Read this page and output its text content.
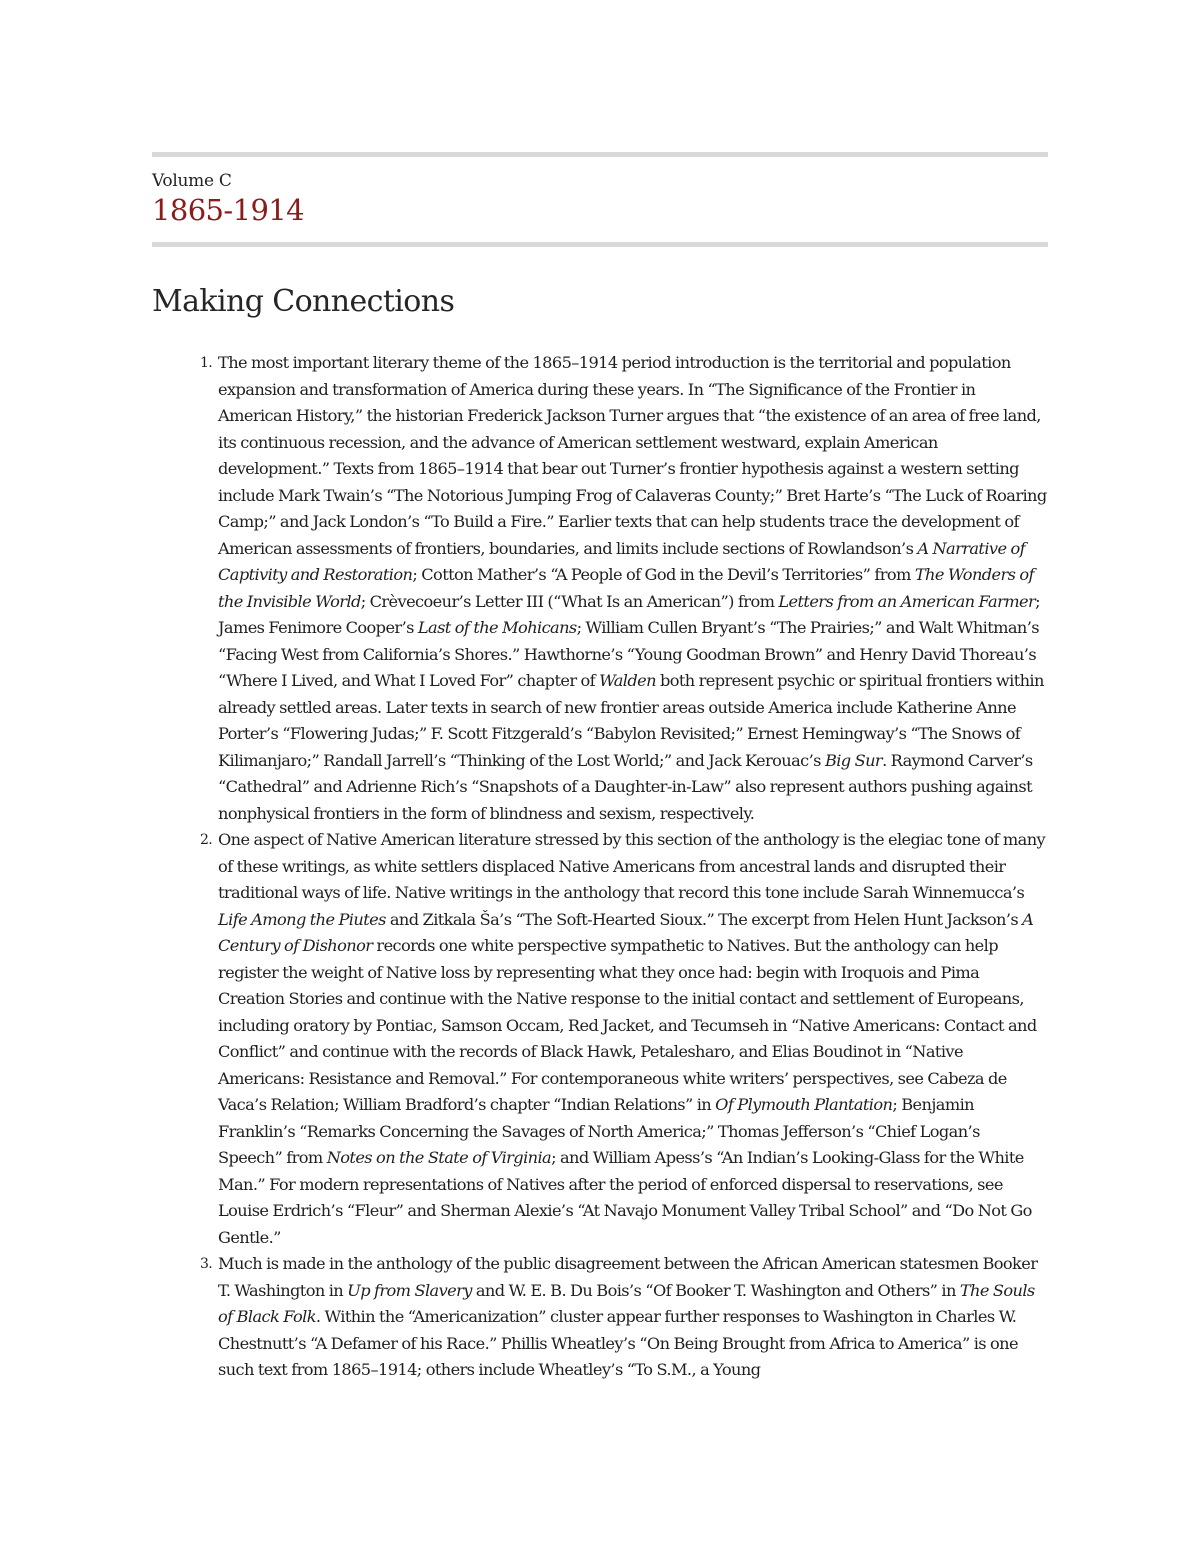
Volume C
1865-1914
Making Connections
1. The most important literary theme of the 1865–1914 period introduction is the territorial and population expansion and transformation of America during these years. In “The Significance of the Frontier in American History,” the historian Frederick Jackson Turner argues that “the existence of an area of free land, its continuous recession, and the advance of American settlement westward, explain American development.” Texts from 1865–1914 that bear out Turner’s frontier hypothesis against a western setting include Mark Twain’s “The Notorious Jumping Frog of Calaveras County;” Bret Harte’s “The Luck of Roaring Camp;” and Jack London’s “To Build a Fire.” Earlier texts that can help students trace the development of American assessments of frontiers, boundaries, and limits include sections of Rowlandson’s A Narrative of Captivity and Restoration; Cotton Mather’s “A People of God in the Devil’s Territories” from The Wonders of the Invisible World; Crèvecoeur’s Letter III (“What Is an American”) from Letters from an American Farmer; James Fenimore Cooper’s Last of the Mohicans; William Cullen Bryant’s “The Prairies;” and Walt Whitman’s “Facing West from California’s Shores.” Hawthorne’s “Young Goodman Brown” and Henry David Thoreau’s “Where I Lived, and What I Loved For” chapter of Walden both represent psychic or spiritual frontiers within already settled areas. Later texts in search of new frontier areas outside America include Katherine Anne Porter’s “Flowering Judas;” F. Scott Fitzgerald’s “Babylon Revisited;” Ernest Hemingway’s “The Snows of Kilimanjaro;” Randall Jarrell’s “Thinking of the Lost World;” and Jack Kerouac’s Big Sur. Raymond Carver’s “Cathedral” and Adrienne Rich’s “Snapshots of a Daughter-in-Law” also represent authors pushing against nonphysical frontiers in the form of blindness and sexism, respectively.
2. One aspect of Native American literature stressed by this section of the anthology is the elegiac tone of many of these writings, as white settlers displaced Native Americans from ancestral lands and disrupted their traditional ways of life. Native writings in the anthology that record this tone include Sarah Winnemucca’s Life Among the Piutes and Zitkala Ša’s “The Soft-Hearted Sioux.” The excerpt from Helen Hunt Jackson’s A Century of Dishonor records one white perspective sympathetic to Natives. But the anthology can help register the weight of Native loss by representing what they once had: begin with Iroquois and Pima Creation Stories and continue with the Native response to the initial contact and settlement of Europeans, including oratory by Pontiac, Samson Occam, Red Jacket, and Tecumseh in “Native Americans: Contact and Conflict” and continue with the records of Black Hawk, Petalesharo, and Elias Boudinot in “Native Americans: Resistance and Removal.” For contemporaneous white writers’ perspectives, see Cabeza de Vaca’s Relation; William Bradford’s chapter “Indian Relations” in Of Plymouth Plantation; Benjamin Franklin’s “Remarks Concerning the Savages of North America;” Thomas Jefferson’s “Chief Logan’s Speech” from Notes on the State of Virginia; and William Apess’s “An Indian’s Looking-Glass for the White Man.” For modern representations of Natives after the period of enforced dispersal to reservations, see Louise Erdrich’s “Fleur” and Sherman Alexie’s “At Navajo Monument Valley Tribal School” and “Do Not Go Gentle.”
3. Much is made in the anthology of the public disagreement between the African American statesmen Booker T. Washington in Up from Slavery and W. E. B. Du Bois’s “Of Booker T. Washington and Others” in The Souls of Black Folk. Within the “Americanization” cluster appear further responses to Washington in Charles W. Chestnutt’s “A Defamer of his Race.” Phillis Wheatley’s “On Being Brought from Africa to America” is one such text from 1865–1914; others include Wheatley’s “To S.M., a Young
